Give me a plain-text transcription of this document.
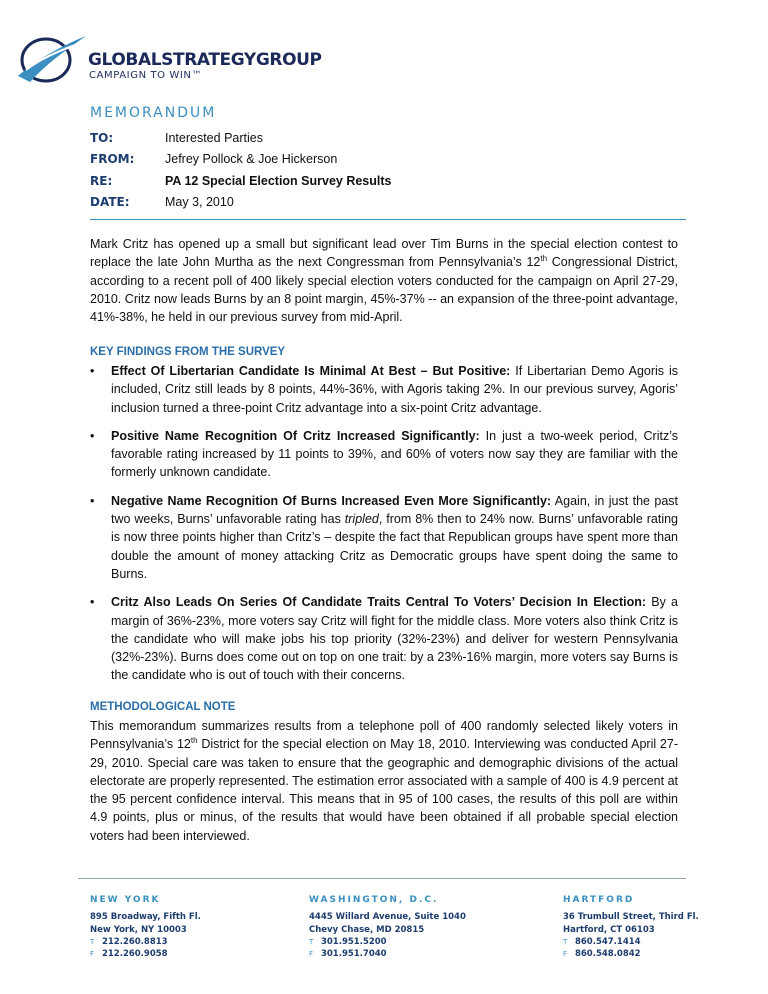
GLOBALSTRATEGYGROUP
CAMPAIGN TO WIN™
MEMORANDUM
TO:	Interested Parties
FROM: Jefrey Pollock & Joe Hickerson
RE:	PA 12 Special Election Survey Results
DATE:	May 3, 2010
Mark Critz has opened up a small but significant lead over Tim Burns in the special election contest to replace the late John Murtha as the next Congressman from Pennsylvania’s 12th Congressional District, according to a recent poll of 400 likely special election voters conducted for the campaign on April 27-29, 2010. Critz now leads Burns by an 8 point margin, 45%-37% -- an expansion of the three-point advantage, 41%-38%, he held in our previous survey from mid-April.
KEY FINDINGS FROM THE SURVEY
• Effect Of Libertarian Candidate Is Minimal At Best – But Positive: If Libertarian Demo Agoris is included, Critz still leads by 8 points, 44%-36%, with Agoris taking 2%. In our previous survey, Agoris’ inclusion turned a three-point Critz advantage into a six-point Critz advantage.
• Positive Name Recognition Of Critz Increased Significantly: In just a two-week period, Critz’s favorable rating increased by 11 points to 39%, and 60% of voters now say they are familiar with the formerly unknown candidate.
• Negative Name Recognition Of Burns Increased Even More Significantly: Again, in just the past two weeks, Burns’ unfavorable rating has tripled, from 8% then to 24% now. Burns’ unfavorable rating is now three points higher than Critz’s – despite the fact that Republican groups have spent more than double the amount of money attacking Critz as Democratic groups have spent doing the same to Burns.
• Critz Also Leads On Series Of Candidate Traits Central To Voters’ Decision In Election: By a margin of 36%-23%, more voters say Critz will fight for the middle class. More voters also think Critz is the candidate who will make jobs his top priority (32%-23%) and deliver for western Pennsylvania (32%-23%). Burns does come out on top on one trait: by a 23%-16% margin, more voters say Burns is the candidate who is out of touch with their concerns.
METHODOLOGICAL NOTE
This memorandum summarizes results from a telephone poll of 400 randomly selected likely voters in Pennsylvania’s 12th District for the special election on May 18, 2010. Interviewing was conducted April 27-29, 2010. Special care was taken to ensure that the geographic and demographic divisions of the actual electorate are properly represented. The estimation error associated with a sample of 400 is 4.9 percent at the 95 percent confidence interval. This means that in 95 of 100 cases, the results of this poll are within 4.9 points, plus or minus, of the results that would have been obtained if all probable special election voters had been interviewed.
NEW YORK
895 Broadway, Fifth Fl.
New York, NY 10003
T 212.260.8813
F 212.260.9058
WASHINGTON, D.C.
4445 Willard Avenue, Suite 1040
Chevy Chase, MD 20815
T 301.951.5200
F 301.951.7040
HARTFORD
36 Trumbull Street, Third Fl.
Hartford, CT 06103
T 860.547.1414
F 860.548.0842
